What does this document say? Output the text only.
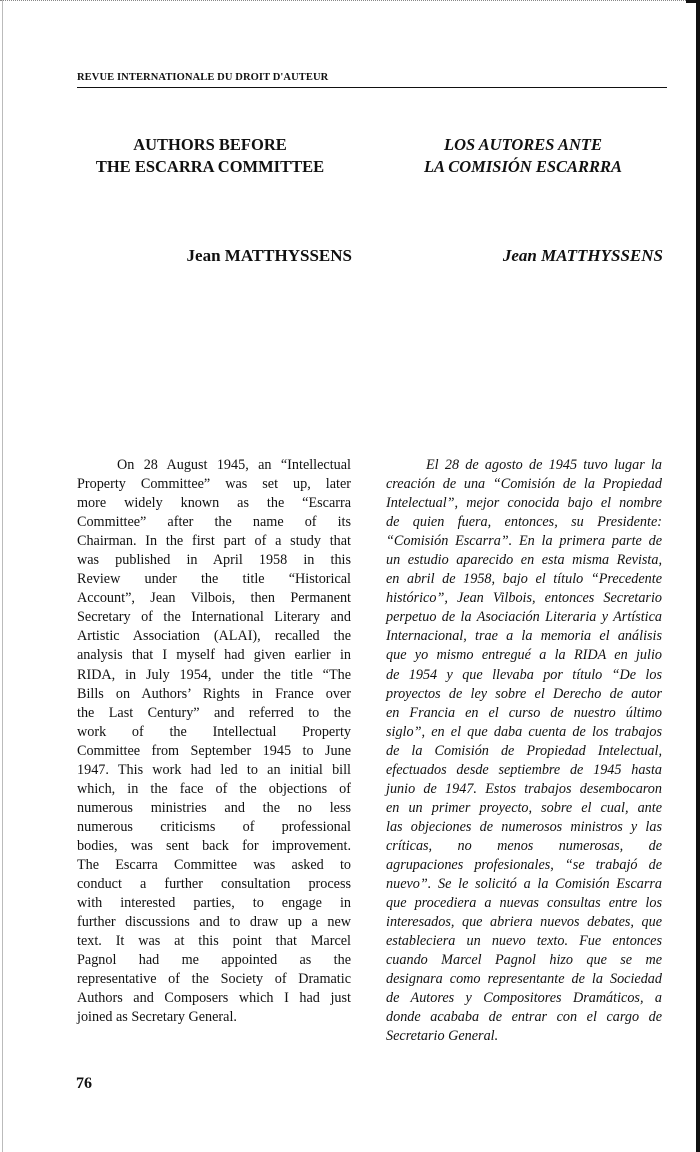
REVUE INTERNATIONALE DU DROIT D'AUTEUR
AUTHORS BEFORE
THE ESCARRA COMMITTEE
LOS AUTORES ANTE
LA COMISIÓN ESCARRRA
Jean MATTHYSSENS	Jean MATTHYSSENS
On 28 August 1945, an “Intellectual
Property Committee” was set up, later
more widely known as the “Escarra
Committee” after the name of its
Chairman. In the first part of a study that
was published in April 1958 in this
Review under the title “Historical
Account”, Jean Vilbois, then Permanent
Secretary of the International Literary and
Artistic Association (ALAI), recalled the
analysis that I myself had given earlier in
RIDA, in July 1954, under the title “The
Bills on Authors’ Rights in France over
the Last Century” and referred to the
work of the Intellectual Property
Committee from September 1945 to June
1947. This work had led to an initial bill
which, in the face of the objections of
numerous ministries and the no less
numerous criticisms of professional
bodies, was sent back for improvement.
The Escarra Committee was asked to
conduct a further consultation process
with interested parties, to engage in
further discussions and to draw up a new
text. It was at this point that Marcel
Pagnol had me appointed as the
representative of the Society of Dramatic
Authors and Composers which I had just
joined as Secretary General.
El 28 de agosto de 1945 tuvo lugar la
creación de una “Comisión de la Propiedad
Intelectual”, mejor conocida bajo el nombre
de quien fuera, entonces, su Presidente:
“Comisión Escarra”. En la primera parte de
un estudio aparecido en esta misma Revista,
en abril de 1958, bajo el título “Precedente
histórico”, Jean Vilbois, entonces Secretario
perpetuo de la Asociación Literaria y Artística
Internacional, trae a la memoria el análisis
que yo mismo entregué a la RIDA en julio
de 1954 y que llevaba por título “De los
proyectos de ley sobre el Derecho de autor
en Francia en el curso de nuestro último
siglo”, en el que daba cuenta de los trabajos
de la Comisión de Propiedad Intelectual,
efectuados desde septiembre de 1945 hasta
junio de 1947. Estos trabajos desembocaron
en un primer proyecto, sobre el cual, ante
las objeciones de numerosos ministros y las
críticas, no menos numerosas, de
agrupaciones profesionales, “se trabajó de
nuevo”. Se le solicitó a la Comisión Escarra
que procediera a nuevas consultas entre los
interesados, que abriera nuevos debates, que
estableciera un nuevo texto. Fue entonces
cuando Marcel Pagnol hizo que se me
designara como representante de la Sociedad
de Autores y Compositores Dramáticos, a
donde acababa de entrar con el cargo de
Secretario General.
76
